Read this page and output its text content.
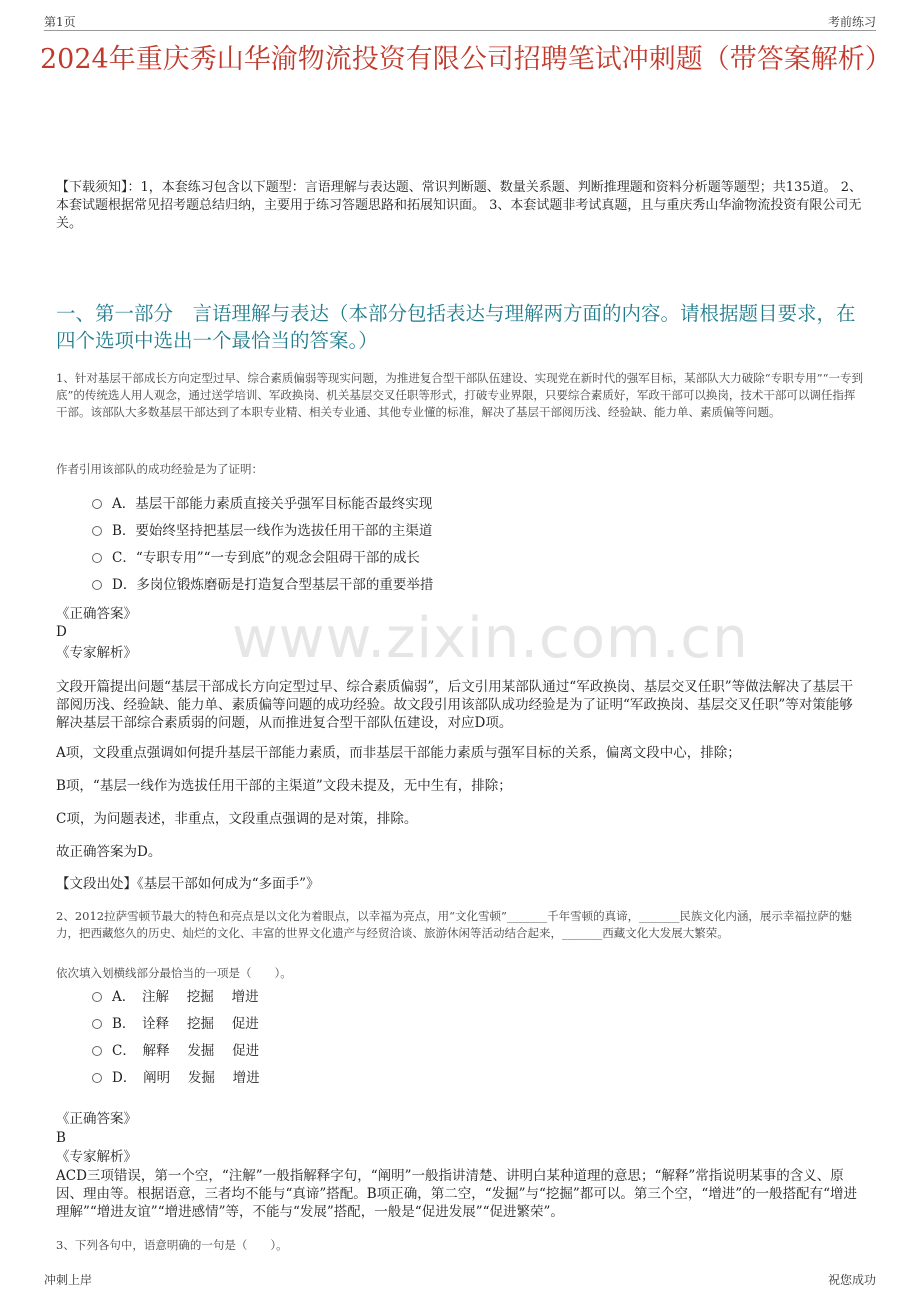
第1页	考前练习
2024年重庆秀山华渝物流投资有限公司招聘笔试冲刺题（带答案解析）
【下载须知】：1，本套练习包含以下题型：言语理解与表达题、常识判断题、数量关系题、判断推理题和资料分析题等题型；共135道。 2、本套试题根据常见招考题总结归纳，主要用于练习答题思路和拓展知识面。 3、本套试题非考试真题，且与重庆秀山华渝物流投资有限公司无关。
一、第一部分　言语理解与表达（本部分包括表达与理解两方面的内容。请根据题目要求，在四个选项中选出一个最恰当的答案。）
www.zixin.com.cn
1、针对基层干部成长方向定型过早、综合素质偏弱等现实问题，为推进复合型干部队伍建设、实现党在新时代的强军目标，某部队大力破除“专职专用”“一专到底”的传统选人用人观念，通过送学培训、军政换岗、机关基层交叉任职等形式，打破专业界限，只要综合素质好，军政干部可以换岗，技术干部可以调任指挥干部。该部队大多数基层干部达到了本职专业精、相关专业通、其他专业懂的标准，解决了基层干部阅历浅、经验缺、能力单、素质偏等问题。
作者引用该部队的成功经验是为了证明：
A．基层干部能力素质直接关乎强军目标能否最终实现
B．要始终坚持把基层一线作为选拔任用干部的主渠道
C．“专职专用”“一专到底”的观念会阻碍干部的成长
D．多岗位锻炼磨砺是打造复合型基层干部的重要举措
《正确答案》
D
《专家解析》
文段开篇提出问题“基层干部成长方向定型过早、综合素质偏弱”，后文引用某部队通过“军政换岗、基层交叉任职”等做法解决了基层干部阅历浅、经验缺、能力单、素质偏等问题的成功经验。故文段引用该部队成功经验是为了证明“军政换岗、基层交叉任职”等对策能够解决基层干部综合素质弱的问题，从而推进复合型干部队伍建设，对应D项。
A项，文段重点强调如何提升基层干部能力素质，而非基层干部能力素质与强军目标的关系，偏离文段中心，排除；
B项，“基层一线作为选拔任用干部的主渠道”文段未提及，无中生有，排除；
C项，为问题表述，非重点，文段重点强调的是对策，排除。
故正确答案为D。
【文段出处】《基层干部如何成为“多面手”》
2、2012拉萨雪顿节最大的特色和亮点是以文化为着眼点，以幸福为亮点，用“文化雪顿”_______千年雪顿的真谛，_______民族文化内涵，展示幸福拉萨的魅力，把西藏悠久的历史、灿烂的文化、丰富的世界文化遗产与经贸洽谈、旅游休闲等活动结合起来，_______西藏文化大发展大繁荣。
依次填入划横线部分最恰当的一项是（　　）。
A．　注解　 挖掘　 增进
B．　诠释　 挖掘　 促进
C．　解释　 发掘　 促进
D．　阐明　 发掘　 增进
《正确答案》
B
《专家解析》
ACD三项错误，第一个空，“注解”一般指解释字句，“阐明”一般指讲清楚、讲明白某种道理的意思；“解释”常指说明某事的含义、原因、理由等。根据语意，三者均不能与“真谛”搭配。B项正确，第二空，“发掘”与“挖掘”都可以。第三个空，“增进”的一般搭配有“增进理解”“增进友谊”“增进感情”等，不能与“发展”搭配，一般是“促进发展”“促进繁荣”。
3、下列各句中，语意明确的一句是（　　）。
冲刺上岸	祝您成功
